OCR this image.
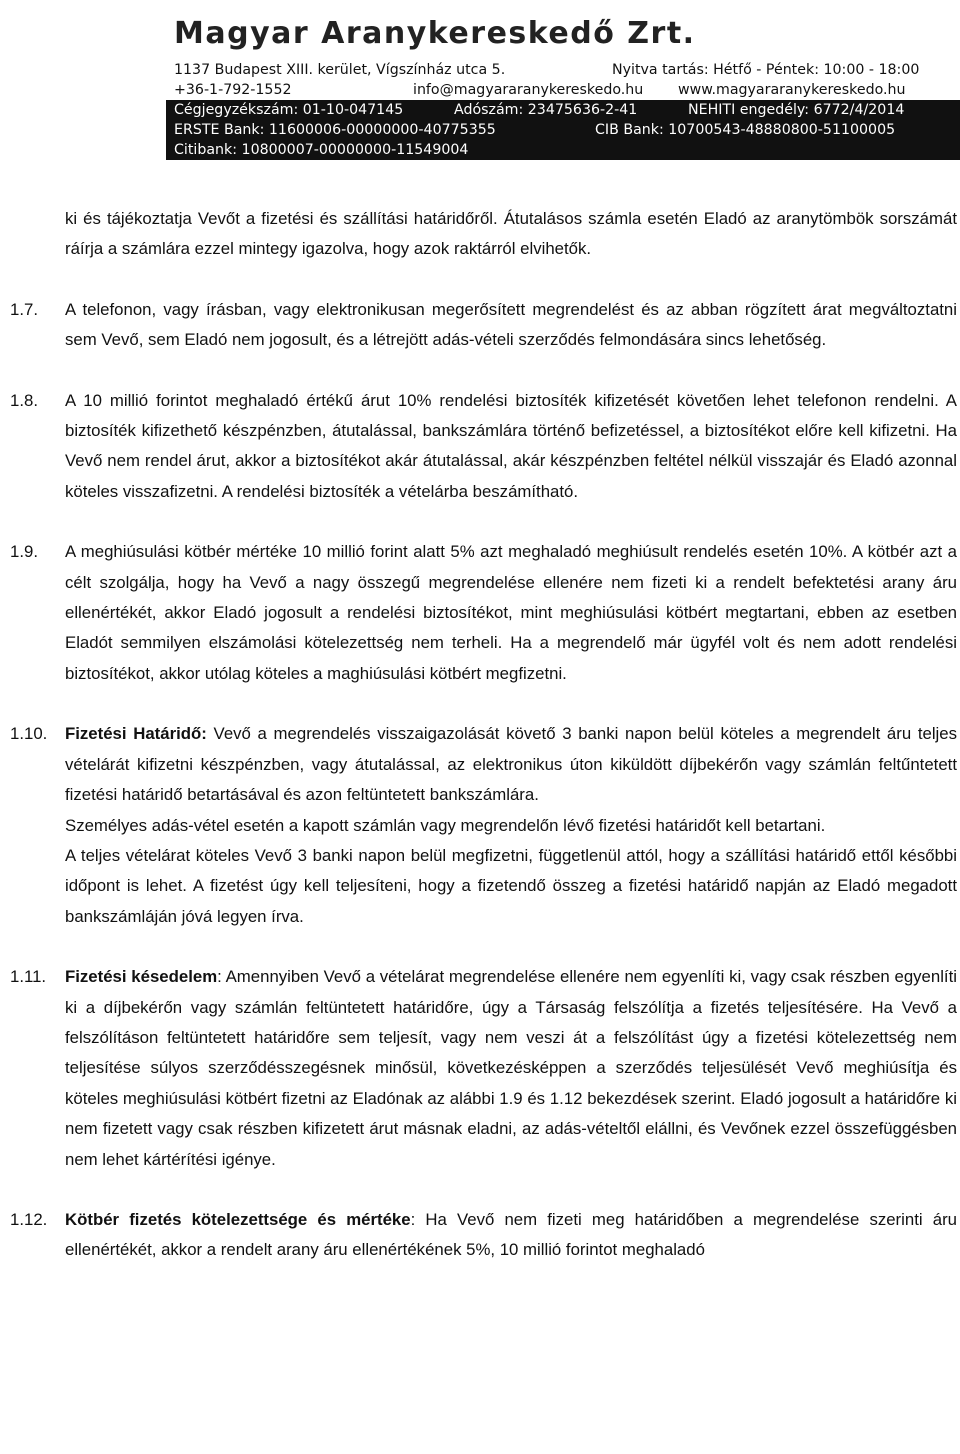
Magyar Aranykereskedő Zrt.
1137 Budapest XIII. kerület, Vígszínház utca 5.	Nyitva tartás: Hétfő - Péntek: 10:00 - 18:00
+36-1-792-1552	info@magyararanykereskedo.hu www.magyararanykereskedo.hu
Cégjegyzékszám: 01-10-047145	Adószám: 23475636-2-41	NEHITI engedély: 6772/4/2014
ERSTE Bank: 11600006-00000000-40775355	CIB Bank: 10700543-48880800-51100005
Citibank: 10800007-00000000-11549004

ki és tájékoztatja Vevőt a fizetési és szállítási határidőről. Átutalásos számla esetén Eladó az aranytömbök sorszámát ráírja a számlára ezzel mintegy igazolva, hogy azok raktárról elvihetők.

1.7. A telefonon, vagy írásban, vagy elektronikusan megerősített megrendelést és az abban rögzített árat megváltoztatni sem Vevő, sem Eladó nem jogosult, és a létrejött adás-vételi szerződés felmondására sincs lehetőség.

1.8. A 10 millió forintot meghaladó értékű árut 10% rendelési biztosíték kifizetését követően lehet telefonon rendelni. A biztosíték kifizethető készpénzben, átutalással, bankszámlára történő befizetéssel, a biztosítékot előre kell kifizetni. Ha Vevő nem rendel árut, akkor a biztosítékot akár átutalással, akár készpénzben feltétel nélkül visszajár és Eladó azonnal köteles visszafizetni. A rendelési biztosíték a vételárba beszámítható.

1.9. A meghiúsulási kötbér mértéke 10 millió forint alatt 5% azt meghaladó meghiúsult rendelés esetén 10%. A kötbér azt a célt szolgálja, hogy ha Vevő a nagy összegű megrendelése ellenére nem fizeti ki a rendelt befektetési arany áru ellenértékét, akkor Eladó jogosult a rendelési biztosítékot, mint meghiúsulási kötbért megtartani, ebben az esetben Eladót semmilyen elszámolási kötelezettség nem terheli. Ha a megrendelő már ügyfél volt és nem adott rendelési biztosítékot, akkor utólag köteles a maghiúsulási kötbért megfizetni.

1.10. Fizetési Határidő: Vevő a megrendelés visszaigazolását követő 3 banki napon belül köteles a megrendelt áru teljes vételárát kifizetni készpénzben, vagy átutalással, az elektronikus úton kiküldött díjbekérőn vagy számlán feltűntetett fizetési határidő betartásával és azon feltüntetett bankszámlára.

Személyes adás-vétel esetén a kapott számlán vagy megrendelőn lévő fizetési határidőt kell betartani.

A teljes vételárat köteles Vevő 3 banki napon belül megfizetni, függetlenül attól, hogy a szállítási határidő ettől későbbi időpont is lehet. A fizetést úgy kell teljesíteni, hogy a fizetendő összeg a fizetési határidő napján az Eladó megadott bankszámláján jóvá legyen írva.

1.11. Fizetési késedelem: Amennyiben Vevő a vételárat megrendelése ellenére nem egyenlíti ki, vagy csak részben egyenlíti ki a díjbekérőn vagy számlán feltüntetett határidőre, úgy a Társaság felszólítja a fizetés teljesítésére. Ha Vevő a felszólításon feltüntetett határidőre sem teljesít, vagy nem veszi át a felszólítást úgy a fizetési kötelezettség nem teljesítése súlyos szerződésszegésnek minősül, következésképpen a szerződés teljesülését Vevő meghiúsítja és köteles meghiúsulási kötbért fizetni az Eladónak az alábbi 1.9 és 1.12 bekezdések szerint. Eladó jogosult a határidőre ki nem fizetett vagy csak részben kifizetett árut másnak eladni, az adás-vételtől elállni, és Vevőnek ezzel összefüggésben nem lehet kártérítési igénye.

1.12. Kötbér fizetés kötelezettsége és mértéke: Ha Vevő nem fizeti meg határidőben a megrendelése szerinti áru ellenértékét, akkor a rendelt arany áru ellenértékének 5%, 10 millió forintot meghaladó
